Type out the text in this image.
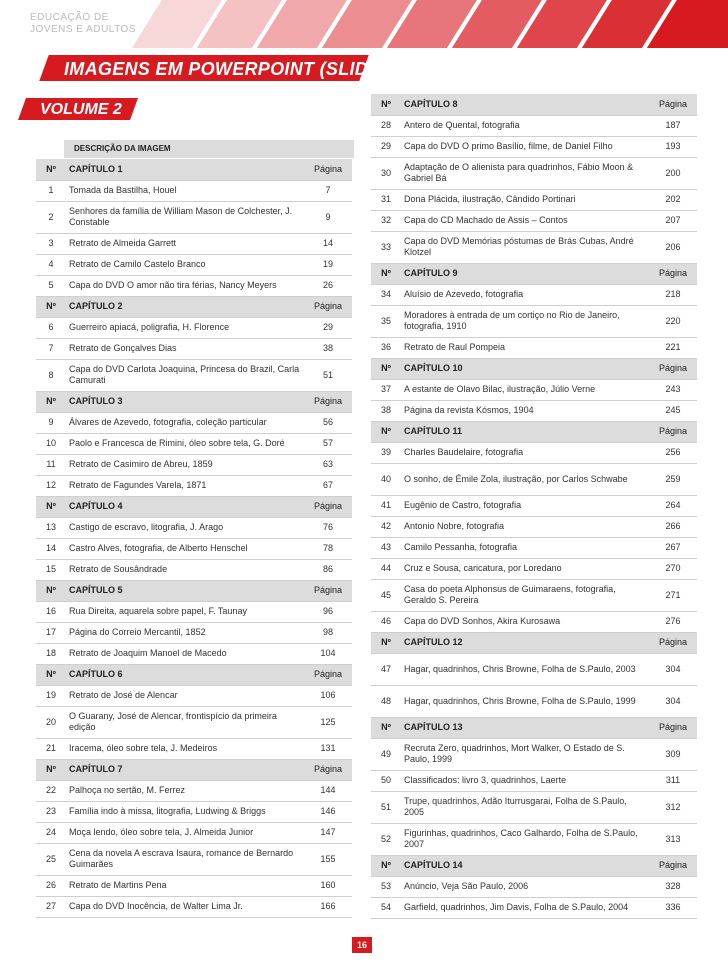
EDUCAÇÃO DE
JOVENS E ADULTOS
IMAGENS EM POWERPOINT (SLIDES)
VOLUME 2
DESCRIÇÃO DA IMAGEM
Nº	CAPÍTULO 1	Página
1	Tomada da Bastilha, Houel	7
2	Senhores da família de William Mason de Colchester, J. Constable	9
3	Retrato de Almeida Garrett	14
4	Retrato de Camilo Castelo Branco	19
5	Capa do DVD O amor não tira férias, Nancy Meyers	26
Nº	CAPÍTULO 2	Página
6	Guerreiro apiacá, poligrafia, H. Florence	29
7	Retrato de Gonçalves Dias	38
8	Capa do DVD Carlota Joaquina, Princesa do Brazil, Carla Camurati	51
Nº	CAPÍTULO 3	Página
9	Álvares de Azevedo, fotografia, coleção particular	56
10	Paolo e Francesca de Rimini, óleo sobre tela, G. Doré	57
11	Retrato de Casimiro de Abreu, 1859	63
12	Retrato de Fagundes Varela, 1871	67
Nº	CAPÍTULO 4	Página
13	Castigo de escravo, litografia, J. Arago	76
14	Castro Alves, fotografia, de Alberto Henschel	78
15	Retrato de Sousândrade	86
Nº	CAPÍTULO 5	Página
16	Rua Direita, aquarela sobre papel, F. Taunay	96
17	Página do Correio Mercantil, 1852	98
18	Retrato de Joaquim Manoel de Macedo	104
Nº	CAPÍTULO 6	Página
19	Retrato de José de Alencar	106
20	O Guarany, José de Alencar, frontispício da primeira edição	125
21	Iracema, óleo sobre tela, J. Medeiros	131
Nº	CAPÍTULO 7	Página
22	Palhoça no sertão, M. Ferrez	144
23	Família indo à missa, litografia, Ludwing & Briggs	146
24	Moça lendo, óleo sobre tela, J. Almeida Junior	147
25	Cena da novela A escrava Isaura, romance de Bernardo Guimarães	155
26	Retrato de Martins Pena	160
27	Capa do DVD Inocência, de Walter Lima Jr.	166
Nº	CAPÍTULO 8	Página
28	Antero de Quental, fotografia	187
29	Capa do DVD O primo Basílio, filme, de Daniel Filho	193
30	Adaptação de O alienista para quadrinhos, Fábio Moon & Gabriel Bá	200
31	Dona Plácida, ilustração, Cândido Portinari	202
32	Capa do CD Machado de Assis – Contos	207
33	Capa do DVD Memórias póstumas de Brás Cubas, André Klotzel	206
Nº	CAPÍTULO 9	Página
34	Aluísio de Azevedo, fotografia	218
35	Moradores à entrada de um cortiço no Rio de Janeiro, fotografia, 1910	220
36	Retrato de Raul Pompeia	221
Nº	CAPÍTULO 10	Página
37	A estante de Olavo Bilac, ilustração, Júlio Verne	243
38	Página da revista Kósmos, 1904	245
Nº	CAPÍTULO 11	Página
39	Charles Baudelaire, fotografia	256
40	O sonho, de Émile Zola, ilustração, por Carlos Schwabe	259
41	Eugênio de Castro, fotografia	264
42	Antonio Nobre, fotografia	266
43	Camilo Pessanha, fotografia	267
44	Cruz e Sousa, caricatura, por Loredano	270
45	Casa do poeta Alphonsus de Guimaraens, fotografia, Geraldo S. Pereira	271
46	Capa do DVD Sonhos, Akira Kurosawa	276
Nº	CAPÍTULO 12	Página
47	Hagar, quadrinhos, Chris Browne, Folha de S.Paulo, 2003	304
48	Hagar, quadrinhos, Chris Browne, Folha de S.Paulo, 1999	304
Nº	CAPÍTULO 13	Página
49	Recruta Zero, quadrinhos, Mort Walker, O Estado de S. Paulo, 1999	309
50	Classificados: livro 3, quadrinhos, Laerte	311
51	Trupe, quadrinhos, Adão Iturrusgarai, Folha de S.Paulo, 2005	312
52	Figurinhas, quadrinhos, Caco Galhardo, Folha de S.Paulo, 2007	313
Nº	CAPÍTULO 14	Página
53	Anúncio, Veja São Paulo, 2006	328
54	Garfield, quadrinhos, Jim Davis, Folha de S.Paulo, 2004	336
16
